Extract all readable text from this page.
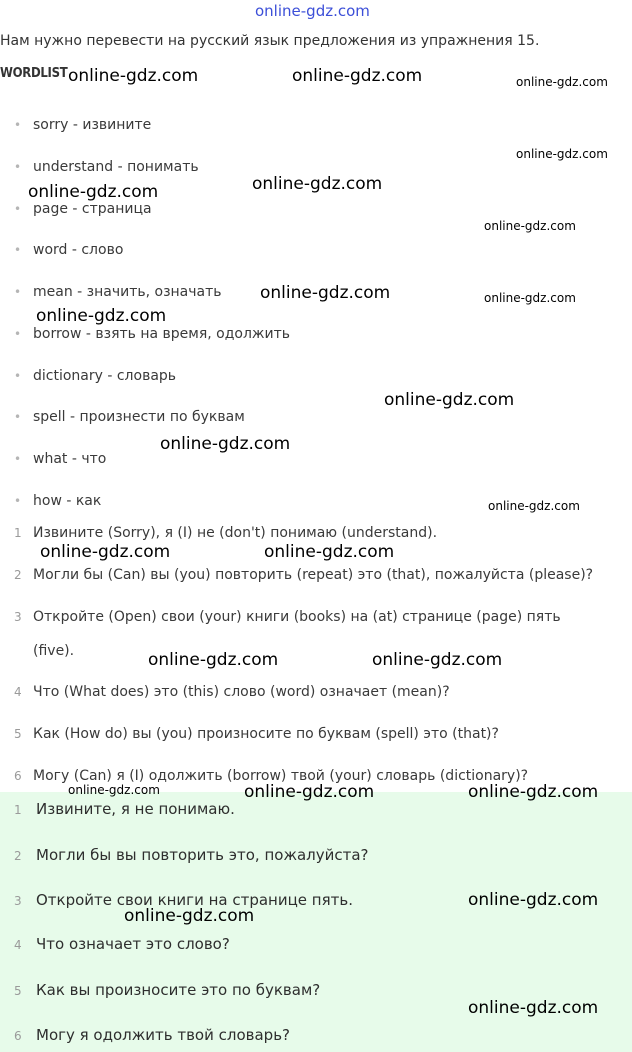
online-gdz.com
Нам нужно перевести на русский язык предложения из упражнения 15.
WORDLIST
• sorry - извините
• understand - понимать
• page - страница
• word - слово
• mean - значить, означать
• borrow - взять на время, одолжить
• dictionary - словарь
• spell - произнести по буквам
• what - что
• how - как
1 Извините (Sorry), я (I) не (don't) понимаю (understand).
2 Могли бы (Can) вы (you) повторить (repeat) это (that), пожалуйста (please)?
3 Откройте (Open) свои (your) книги (books) на (at) странице (page) пять
(five).
4 Что (What does) это (this) слово (word) означает (mean)?
5 Как (How do) вы (you) произносите по буквам (spell) это (that)?
6 Могу (Can) я (I) одолжить (borrow) твой (your) словарь (dictionary)?
1 Извините, я не понимаю.
2 Могли бы вы повторить это, пожалуйста?
3 Откройте свои книги на странице пять.
4 Что означает это слово?
5 Как вы произносите это по буквам?
6 Могу я одолжить твой словарь?
online-gdz.com	online-gdz.com	online-gdz.com
online-gdz.com
online-gdz.com
online-gdz.com
online-gdz.com
online-gdz.com	online-gdz.com
online-gdz.com
online-gdz.com
online-gdz.com
online-gdz.com
online-gdz.com	online-gdz.com
online-gdz.com	online-gdz.com
online-gdz.com	online-gdz.com	online-gdz.com
online-gdz.com
online-gdz.com
online-gdz.com
